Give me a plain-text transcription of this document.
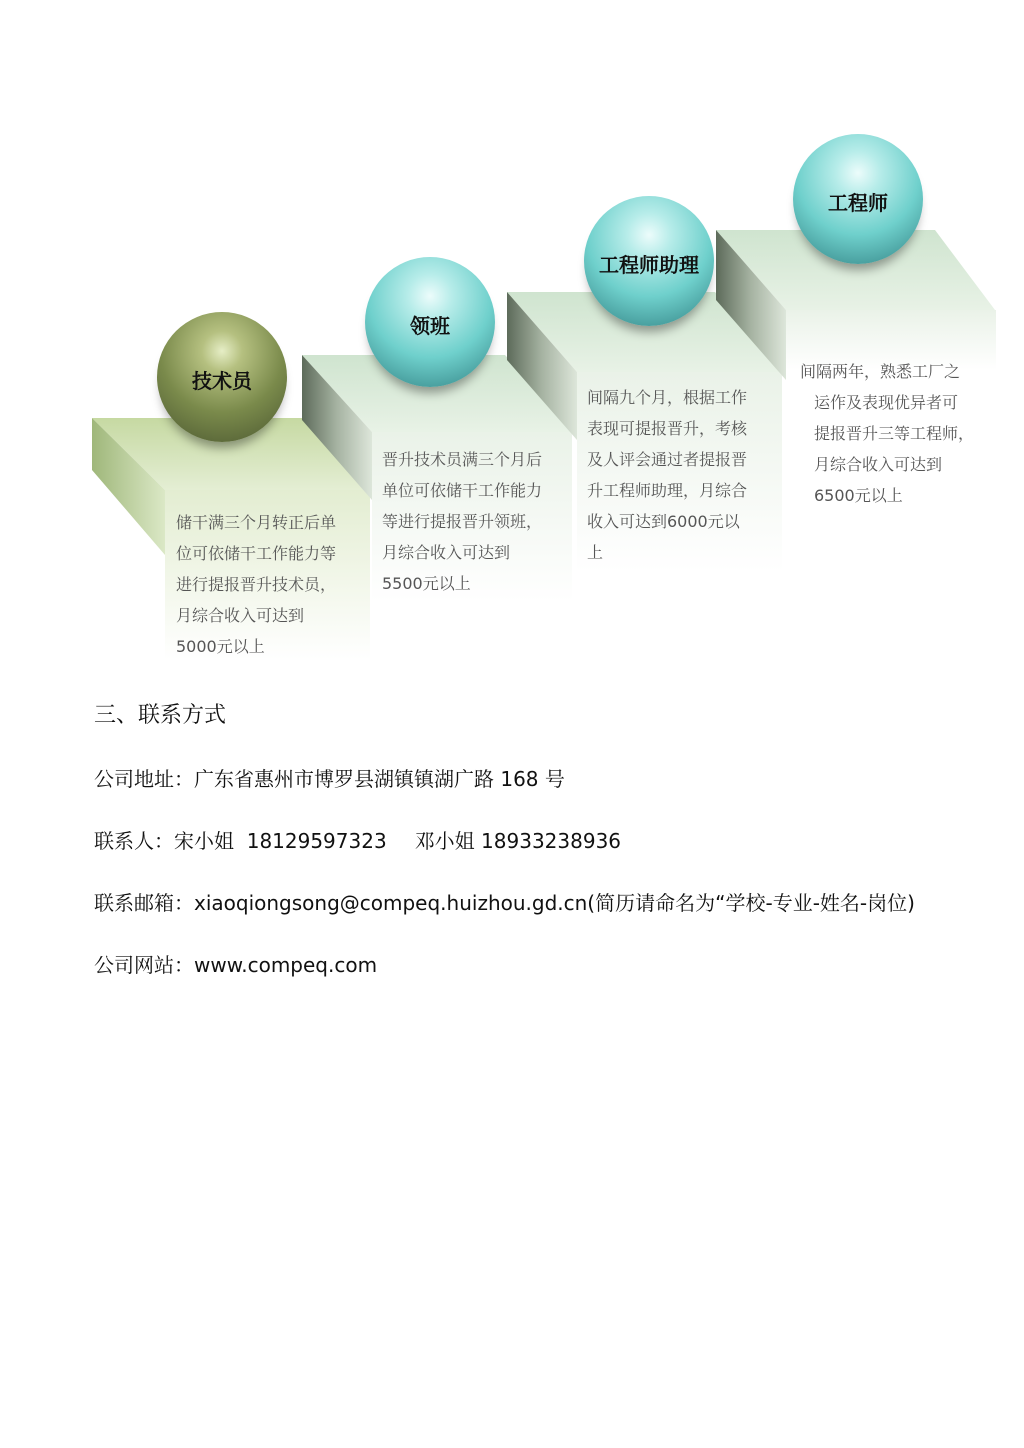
技术员
领班
工程师助理
工程师
储干满三个月转正后单
位可依储干工作能力等
进行提报晋升技术员，
月综合收入可达到
5000元以上
晋升技术员满三个月后
单位可依储干工作能力
等进行提报晋升领班，
月综合收入可达到
5500元以上
间隔九个月，根据工作
表现可提报晋升，考核
及人评会通过者提报晋
升工程师助理，月综合
收入可达到6000元以
上
间隔两年，熟悉工厂之
运作及表现优异者可
提报晋升三等工程师，
月综合收入可达到
6500元以上
三、联系方式
公司地址：广东省惠州市博罗县湖镇镇湖广路 168 号
联系人：宋小姐  18129597323 邓小姐 18933238936
联系邮箱：xiaoqiongsong@compeq.huizhou.gd.cn(简历请命名为“学校-专业-姓名-岗位)
公司网站：www.compeq.com
